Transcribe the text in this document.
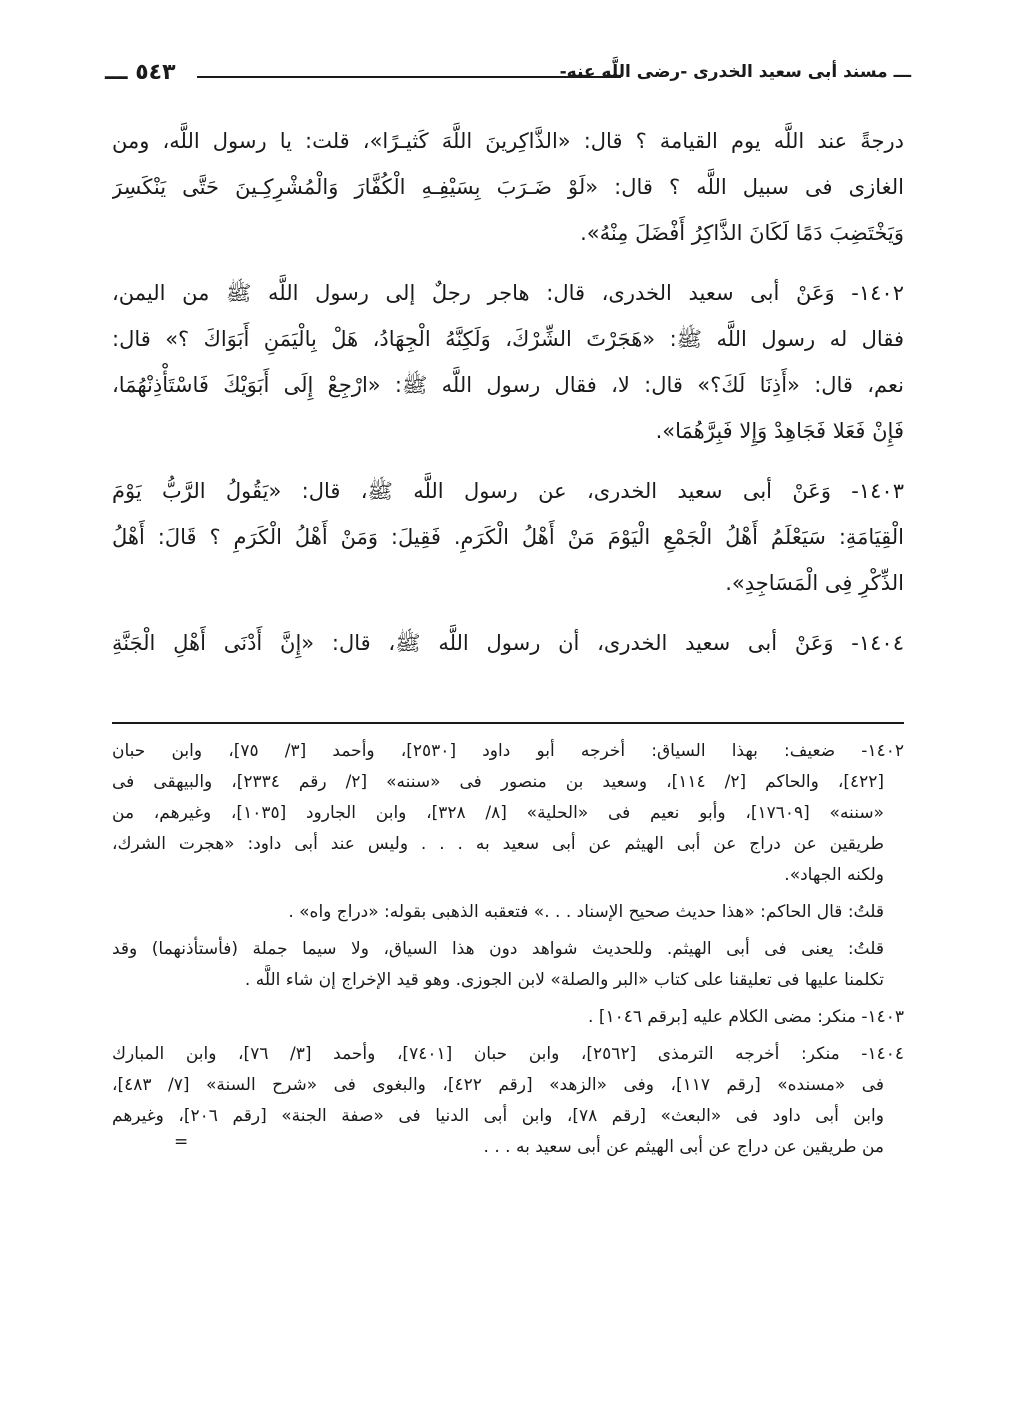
ـــ مسند أبى سعيد الخدرى -رضى اللَّه عنه-
٥٤٣ ـــ
درجةً عند اللَّه يوم القيامة ؟ قال: «الذَّاكِرينَ اللَّهَ كَثيـرًا»، قلت: يا رسول اللَّه، ومن
الغازى فى سبيل اللَّه ؟ قال: «لَوْ ضَـرَبَ بِسَيْفِـهِ الْكُفَّارَ وَالْمُشْرِكِـينَ حَتَّى يَنْكَسِرَ
وَيَخْتَضِبَ دَمًا لَكَانَ الذَّاكِرُ أَفْضَلَ مِنْهُ».
١٤٠٢- وَعَنْ أبى سعيد الخدرى، قال: هاجر رجلٌ إلى رسول اللَّه ﷺ من اليمن،
فقال له رسول اللَّه ﷺ: «هَجَرْتَ الشِّرْكَ، وَلَكِنَّهُ الْجِهَادُ، هَلْ بِالْيَمَنِ أَبَوَاكَ ؟» قال:
نعم، قال: «أَذِنَا لَكَ؟» قال: لا، فقال رسول اللَّه ﷺ: «ارْجِعْ إِلَى أَبَوَيْكَ فَاسْتَأْذِنْهُمَا،
فَإِنْ فَعَلا فَجَاهِدْ وَإِلا فَبِرَّهُمَا».
١٤٠٣- وَعَنْ أبى سعيد الخدرى، عن رسول اللَّه ﷺ، قال: «يَقُولُ الرَّبُّ يَوْمَ
الْقِيَامَةِ: سَيَعْلَمُ أَهْلُ الْجَمْعِ الْيَوْمَ مَنْ أَهْلُ الْكَرَمِ. فَقِيلَ: وَمَنْ أَهْلُ الْكَرَمِ ؟ قَالَ: أَهْلُ
الذِّكْرِ فِى الْمَسَاجِدِ».
١٤٠٤- وَعَنْ أبى سعيد الخدرى، أن رسول اللَّه ﷺ، قال: «إِنَّ أَدْنَى أَهْلِ الْجَنَّةِ
١٤٠٢- ضعيف: بهذا السياق: أخرجه أبو داود [٢٥٣٠]، وأحمد [٣/ ٧٥]، وابن حبان
[٤٢٢]، والحاكم [٢/ ١١٤]، وسعيد بن منصور فى «سننه» [٢/ رقم ٢٣٣٤]، والبيهقى فى
«سننه» [١٧٦٠٩]، وأبو نعيم فى «الحلية» [٨/ ٣٢٨]، وابن الجارود [١٠٣٥]، وغيرهم، من
طريقين عن دراج عن أبى الهيثم عن أبى سعيد به . . . وليس عند أبى داود: «هجرت الشرك،
ولكنه الجهاد».
قلتُ: قال الحاكم: «هذا حديث صحيح الإسناد . . .» فتعقبه الذهبى بقوله: «دراج واه» .
قلتُ: يعنى فى أبى الهيثم. وللحديث شواهد دون هذا السياق، ولا سيما جملة (فأستأذنهما) وقد
تكلمنا عليها فى تعليقنا على كتاب «البر والصلة» لابن الجوزى. وهو قيد الإخراج إن شاء اللَّه .
١٤٠٣- منكر: مضى الكلام عليه [برقم ١٠٤٦] .
١٤٠٤- منكر: أخرجه الترمذى [٢٥٦٢]، وابن حبان [٧٤٠١]، وأحمد [٣/ ٧٦]، وابن المبارك
فى «مسنده» [رقم ١١٧]، وفى «الزهد» [رقم ٤٢٢]، والبغوى فى «شرح السنة» [٧/ ٤٨٣]،
وابن أبى داود فى «البعث» [رقم ٧٨]، وابن أبى الدنيا فى «صفة الجنة» [رقم ٢٠٦]، وغيرهم
من طريقين عن دراج عن أبى الهيثم عن أبى سعيد به . . .
=
